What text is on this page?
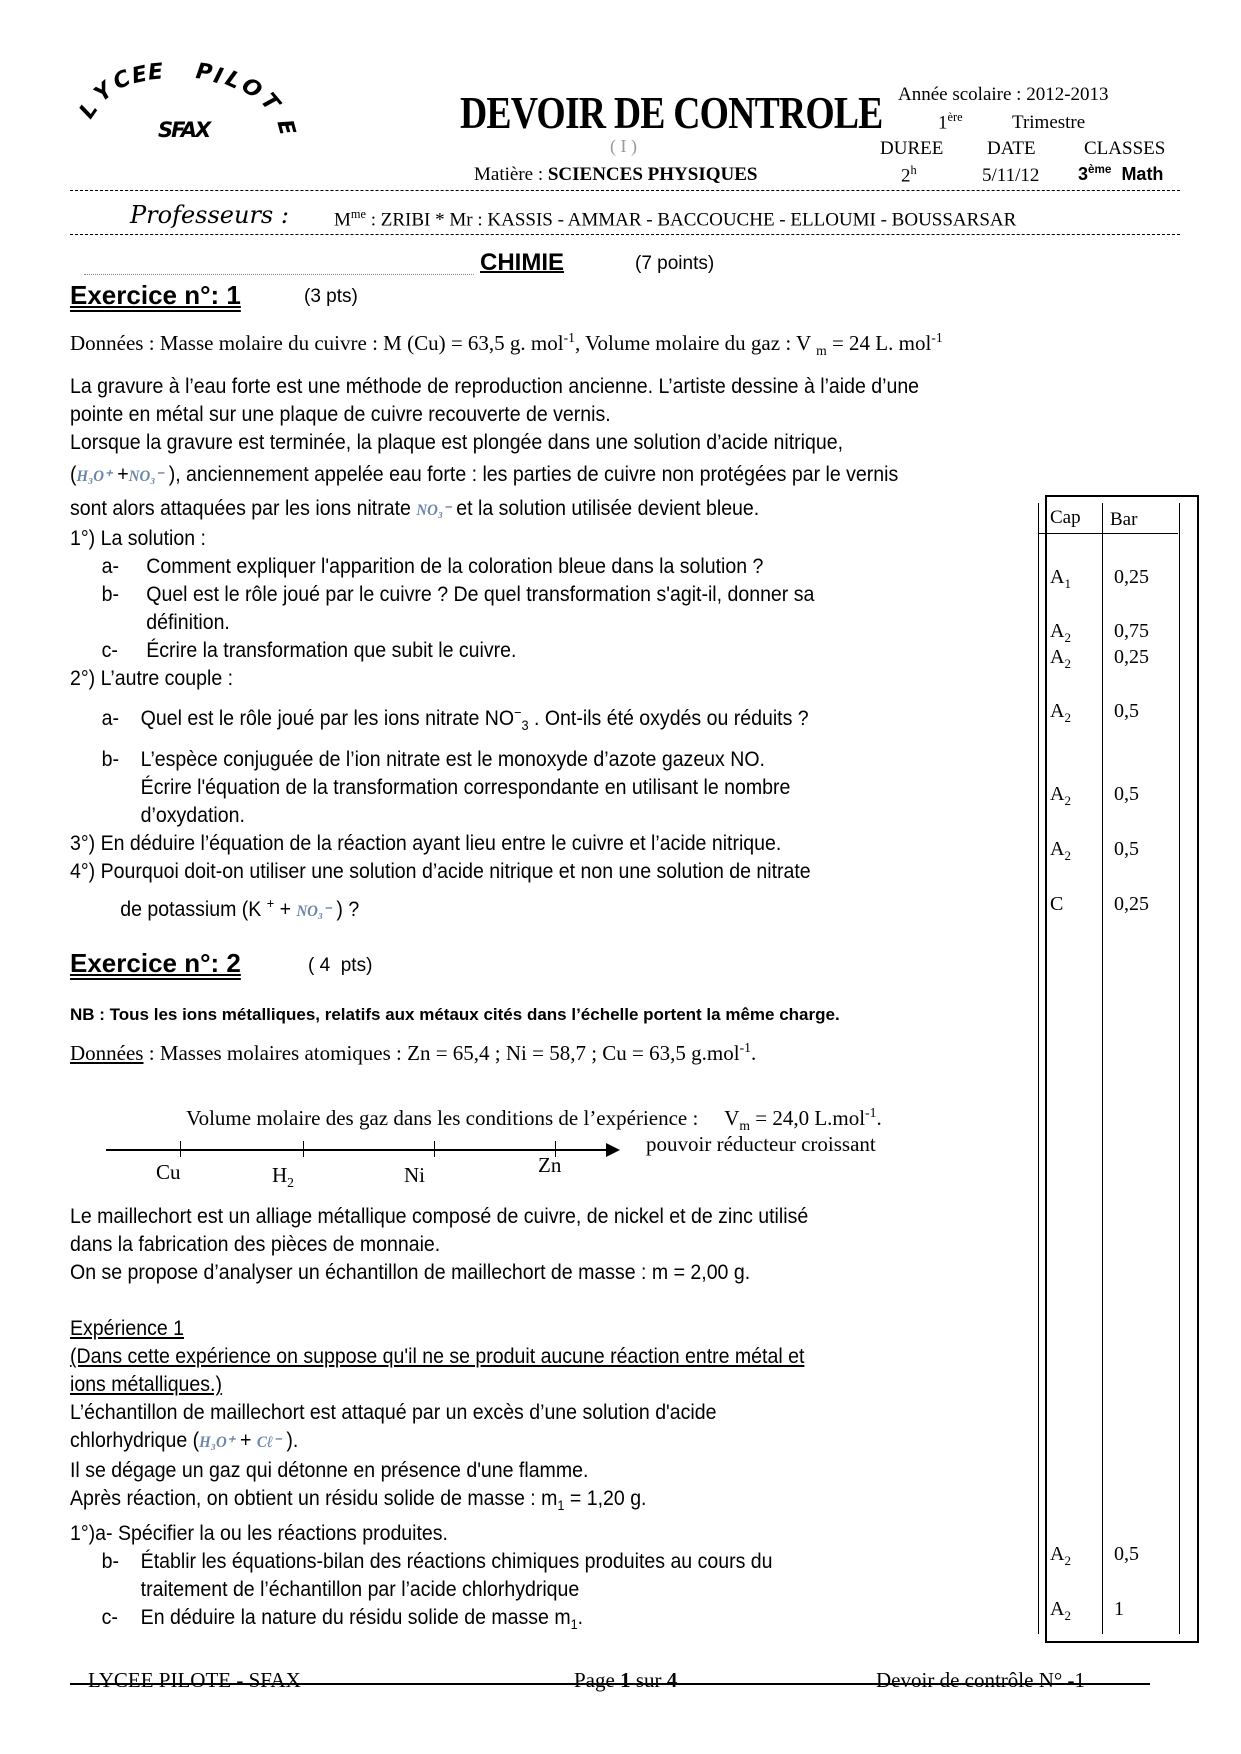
L
Y
C
E
E P
I
L
O
T
E
SFAX	DEVOIR DE CONTROLE
( I )
Matière : SCIENCES PHYSIQUES
Année scolaire : 2012-2013
1ère	Trimestre
DUREE DATE	CLASSES
2$^h$	5/11/12 3ème Math
Professeurs : $M^{me}$ : ZRIBI * Mr : KASSIS - AMMAR - BACCOUCHE - ELLOUMI - BOUSSARSAR
CHIMIE	(7 points)
Exercice n°: 1	(3 pts)
Données : Masse molaire du cuivre : M (Cu) = 63,5 g. mol$^{-1}$, Volume molaire du gaz : V $_m$ = 24 L. mol$^{-1}$
La gravure à l’eau forte est une méthode de reproduction ancienne. L’artiste dessine à l’aide d’une
pointe en métal sur une plaque de cuivre recouverte de vernis.
Lorsque la gravure est terminée, la plaque est plongée dans une solution d’acide nitrique,
(H₃O⁺ +NO₃⁻ ), anciennement appelée eau forte : les parties de cuivre non protégées par le vernis
sont alors attaquées par les ions nitrate NO₃⁻ et la solution utilisée devient bleue.
1°) La solution :
a- Comment expliquer l'apparition de la coloration bleue dans la solution ?
b- Quel est le rôle joué par le cuivre ? De quel transformation s'agit-il, donner sa
définition.
c- Écrire la transformation que subit le cuivre.
2°) L’autre couple :
a- Quel est le rôle joué par les ions nitrate $NO^-_3$ . Ont-ils été oxydés ou réduits ?
b- L’espèce conjuguée de l’ion nitrate est le monoxyde d’azote gazeux NO.
Écrire l'équation de la transformation correspondante en utilisant le nombre
d’oxydation.
3°) En déduire l’équation de la réaction ayant lieu entre le cuivre et l’acide nitrique.
4°) Pourquoi doit-on utiliser une solution d’acide nitrique et non une solution de nitrate
de potassium (K + + NO₃⁻ ) ?
Exercice n°: 2	( 4  pts)
NB : Tous les ions métalliques, relatifs aux métaux cités dans l’échelle portent la même charge.
Données : Masses molaires atomiques : Zn = 65,4 ; Ni = 58,7 ; Cu = 63,5 g.mol$^{-1}$.

Volume molaire des gaz dans les conditions de l’expérience :     $V_m = 24,0$ L.mol$^{-1}$.

Cu	$H_2$	Ni	Zn
pouvoir réducteur croissant
Le maillechort est un alliage métallique composé de cuivre, de nickel et de zinc utilisé
dans la fabrication des pièces de monnaie.
On se propose d’analyser un échantillon de maillechort de masse : m = 2,00 g.
Expérience 1
(Dans cette expérience on suppose qu'il ne se produit aucune réaction entre métal et
ions métalliques.)
L’échantillon de maillechort est attaqué par un excès d’une solution d'acide
chlorhydrique (H₃O⁺ + Cℓ⁻ ).
Il se dégage un gaz qui détonne en présence d'une flamme.
Après réaction, on obtient un résidu solide de masse : $m_1 = 1,20$ g.
1°)a- Spécifier la ou les réactions produites.
b- Établir les équations-bilan des réactions chimiques produites au cours du
traitement de l’échantillon par l’acide chlorhydrique
c- En déduire la nature du résidu solide de masse $m_1$.
Cap Bar
$A_1$ 0,25
$A_2$ 0,75
$A_2$ 0,25
$A_2$ 0,5
$A_2$ 0,5
$A_2$ 0,5
C	0,25
$A_2$ 0,5
$A_2$ 1
LYCEE PILOTE - SFAX	Page 1 sur 4	Devoir de contrôle N° -1
